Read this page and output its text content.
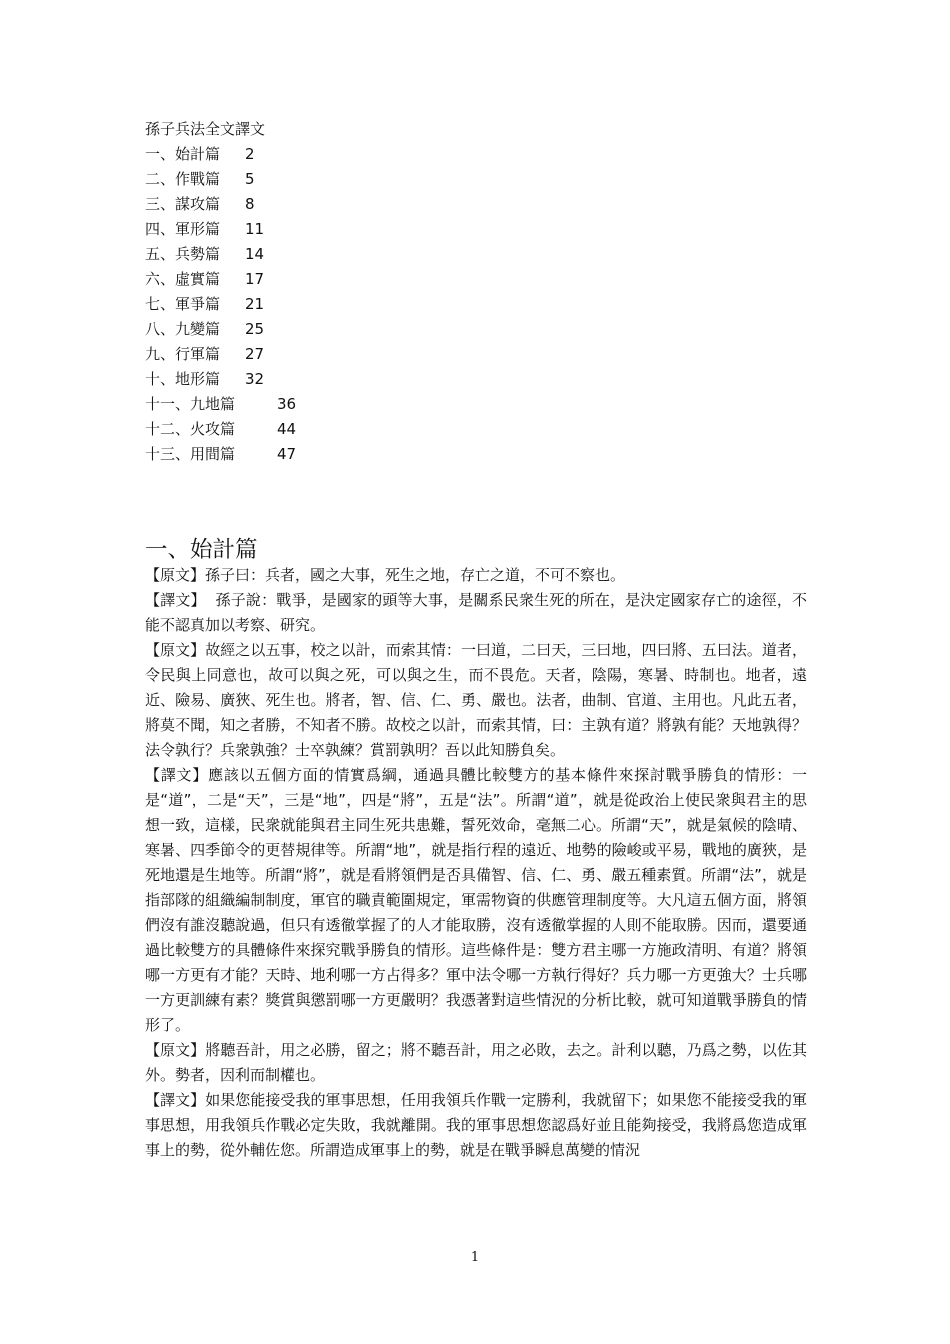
孫子兵法全文譯文
一、始計篇	2
二、作戰篇	5
三、謀攻篇	8
四、軍形篇	11
五、兵勢篇	14
六、虛實篇	17
七、軍爭篇	21
八、九變篇	25
九、行軍篇	27
十、地形篇	32
十一、九地篇	36
十二、火攻篇	44
十三、用間篇	47
一、始計篇

【原文】孫子曰：兵者，國之大事，死生之地，存亡之道，不可不察也。

【譯文】  孫子說：戰爭，是國家的頭等大事，是關系民衆生死的所在，是決定國家存亡的途徑，不能不認真加以考察、研究。

【原文】故經之以五事，校之以計，而索其情：一曰道，二曰天，三曰地，四曰將、五曰法。道者，令民與上同意也，故可以與之死，可以與之生，而不畏危。天者，陰陽，寒暑、時制也。地者，遠近、險易、廣狹、死生也。將者，智、信、仁、勇、嚴也。法者，曲制、官道、主用也。凡此五者，將莫不聞，知之者勝，不知者不勝。故校之以計，而索其情，曰：主孰有道？將孰有能？天地孰得？法令孰行？兵衆孰強？士卒孰練？賞罰孰明？吾以此知勝負矣。

【譯文】應該以五個方面的情實爲綱，通過具體比較雙方的基本條件來探討戰爭勝負的情形：一是“道”，二是“天”，三是“地”，四是“將”，五是“法”。所謂“道”，就是從政治上使民衆與君主的思想一致，這樣，民衆就能與君主同生死共患難，誓死效命，毫無二心。所謂“天”，就是氣候的陰晴、寒暑、四季節令的更替規律等。所謂“地”，就是指行程的遠近、地勢的險峻或平易，戰地的廣狹，是死地還是生地等。所謂“將”，就是看將領們是否具備智、信、仁、勇、嚴五種素質。所謂“法”，就是指部隊的組織編制制度，軍官的職責範圍規定，軍需物資的供應管理制度等。大凡這五個方面，將領們沒有誰沒聽說過，但只有透徹掌握了的人才能取勝，沒有透徹掌握的人則不能取勝。因而，還要通過比較雙方的具體條件來探究戰爭勝負的情形。這些條件是：雙方君主哪一方施政清明、有道？將領哪一方更有才能？天時、地利哪一方占得多？軍中法令哪一方執行得好？兵力哪一方更強大？士兵哪一方更訓練有素？獎賞與懲罰哪一方更嚴明？我憑著對這些情況的分析比較，就可知道戰爭勝負的情形了。

【原文】將聽吾計，用之必勝，留之；將不聽吾計，用之必敗，去之。計利以聽，乃爲之勢，以佐其外。勢者，因利而制權也。

【譯文】如果您能接受我的軍事思想，任用我領兵作戰一定勝利，我就留下；如果您不能接受我的軍事思想，用我領兵作戰必定失敗，我就離開。我的軍事思想您認爲好並且能夠接受，我將爲您造成軍事上的勢，從外輔佐您。所謂造成軍事上的勢，就是在戰爭瞬息萬變的情況

1
